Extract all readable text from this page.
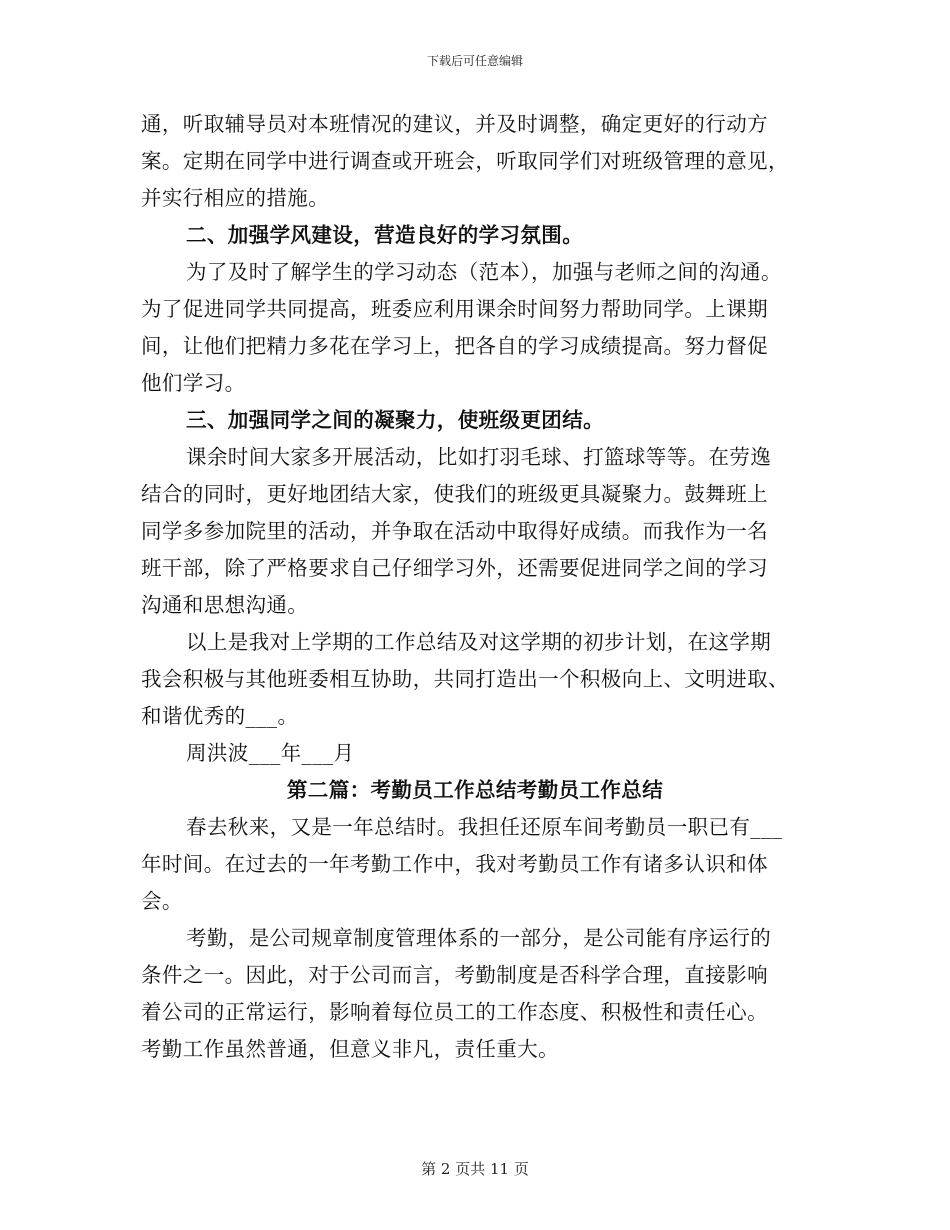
下载后可任意编辑
通，听取辅导员对本班情况的建议，并及时调整，确定更好的行动方
案。定期在同学中进行调查或开班会，听取同学们对班级管理的意见，
并实行相应的措施。
二、加强学风建设，营造良好的学习氛围。
为了及时了解学生的学习动态（范本），加强与老师之间的沟通。
为了促进同学共同提高，班委应利用课余时间努力帮助同学。上课期
间，让他们把精力多花在学习上，把各自的学习成绩提高。努力督促
他们学习。
三、加强同学之间的凝聚力，使班级更团结。
课余时间大家多开展活动，比如打羽毛球、打篮球等等。在劳逸
结合的同时，更好地团结大家，使我们的班级更具凝聚力。鼓舞班上
同学多参加院里的活动，并争取在活动中取得好成绩。而我作为一名
班干部，除了严格要求自己仔细学习外，还需要促进同学之间的学习
沟通和思想沟通。
以上是我对上学期的工作总结及对这学期的初步计划，在这学期
我会积极与其他班委相互协助，共同打造出一个积极向上、文明进取、
和谐优秀的___。
周洪波___年___月
第二篇：考勤员工作总结考勤员工作总结
春去秋来，又是一年总结时。我担任还原车间考勤员一职已有___
年时间。在过去的一年考勤工作中，我对考勤员工作有诸多认识和体
会。
考勤，是公司规章制度管理体系的一部分，是公司能有序运行的
条件之一。因此，对于公司而言，考勤制度是否科学合理，直接影响
着公司的正常运行，影响着每位员工的工作态度、积极性和责任心。
考勤工作虽然普通，但意义非凡，责任重大。
第 2 页共 11 页
